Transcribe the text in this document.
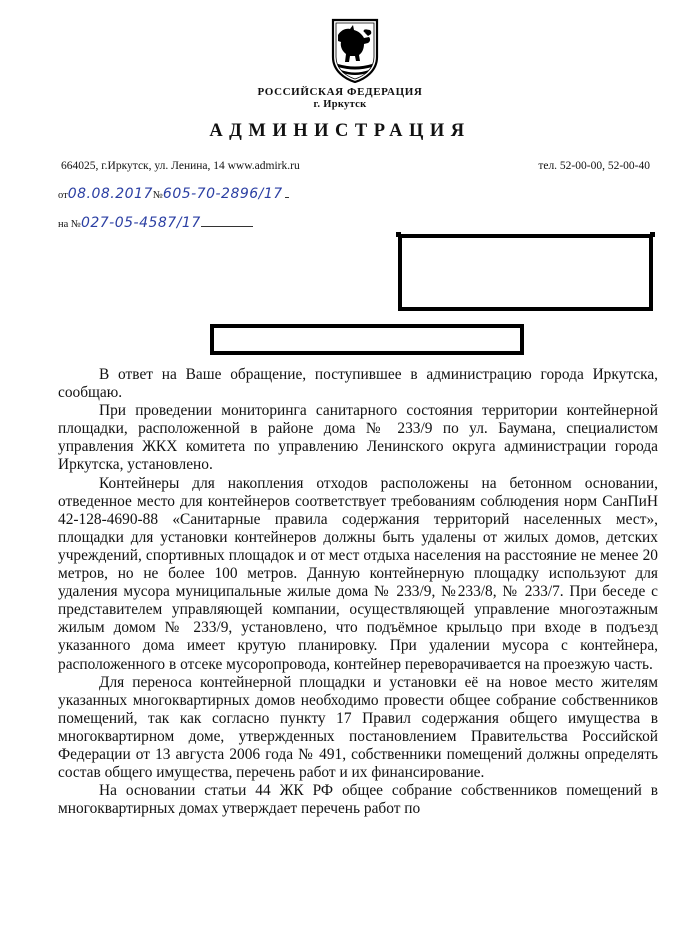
РОССИЙСКАЯ ФЕДЕРАЦИЯ
г. Иркутск
АДМИНИСТРАЦИЯ
664025, г.Иркутск, ул. Ленина, 14 www.admirk.ru	тел. 52-00-00, 52-00-40
от08.08.2017№605-70-2896/17
на №027-05-4587/17

В ответ на Ваше обращение, поступившее в администрацию города Иркутска, сообщаю.

При проведении мониторинга санитарного состояния территории контейнерной площадки, расположенной в районе дома № 233/9 по ул. Баумана, специалистом управления ЖКХ комитета по управлению Ленинского округа администрации города Иркутска, установлено.

Контейнеры для накопления отходов расположены на бетонном основании, отведенное место для контейнеров соответствует требованиям соблюдения норм СанПиН 42-128-4690-88 «Санитарные правила содержания территорий населенных мест», площадки для установки контейнеров должны быть удалены от жилых домов, детских учреждений, спортивных площадок и от мест отдыха населения на расстояние не менее 20 метров, но не более 100 метров. Данную контейнерную площадку используют для удаления мусора муниципальные жилые дома № 233/9, №233/8, № 233/7. При беседе с представителем управляющей компании, осуществляющей управление многоэтажным жилым домом № 233/9, установлено, что подъёмное крыльцо при входе в подъезд указанного дома имеет крутую планировку. При удалении мусора с контейнера, расположенного в отсеке мусоропровода, контейнер переворачивается на проезжую часть.

Для переноса контейнерной площадки и установки её на новое место жителям указанных многоквартирных домов необходимо провести общее собрание собственников помещений, так как согласно пункту 17 Правил содержания общего имущества в многоквартирном доме, утвержденных постановлением Правительства Российской Федерации от 13 августа 2006 года № 491, собственники помещений должны определять состав общего имущества, перечень работ и их финансирование.

На основании статьи 44 ЖК РФ общее собрание собственников помещений в многоквартирных домах утверждает перечень работ по
